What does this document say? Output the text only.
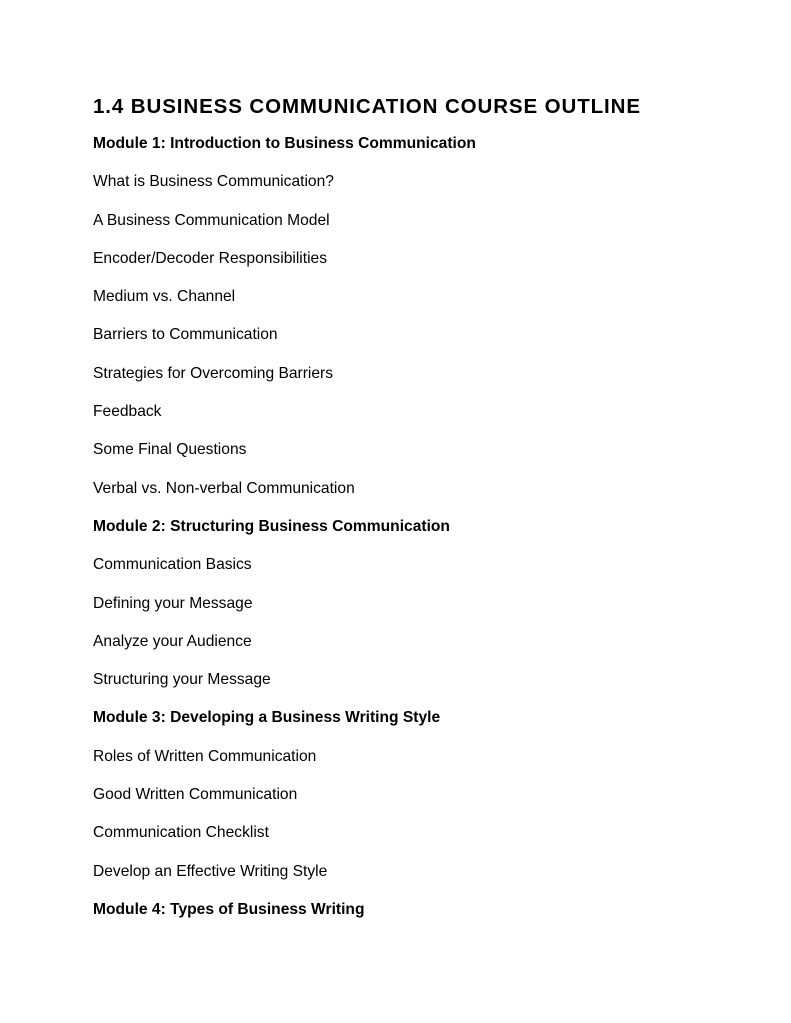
1.4 BUSINESS COMMUNICATION COURSE OUTLINE
Module 1: Introduction to Business Communication
What is Business Communication?
A Business Communication Model
Encoder/Decoder Responsibilities
Medium vs. Channel
Barriers to Communication
Strategies for Overcoming Barriers
Feedback
Some Final Questions
Verbal vs. Non-verbal Communication
Module 2: Structuring Business Communication
Communication Basics
Defining your Message
Analyze your Audience
Structuring your Message
Module 3: Developing a Business Writing Style
Roles of Written Communication
Good Written Communication
Communication Checklist
Develop an Effective Writing Style
Module 4: Types of Business Writing
